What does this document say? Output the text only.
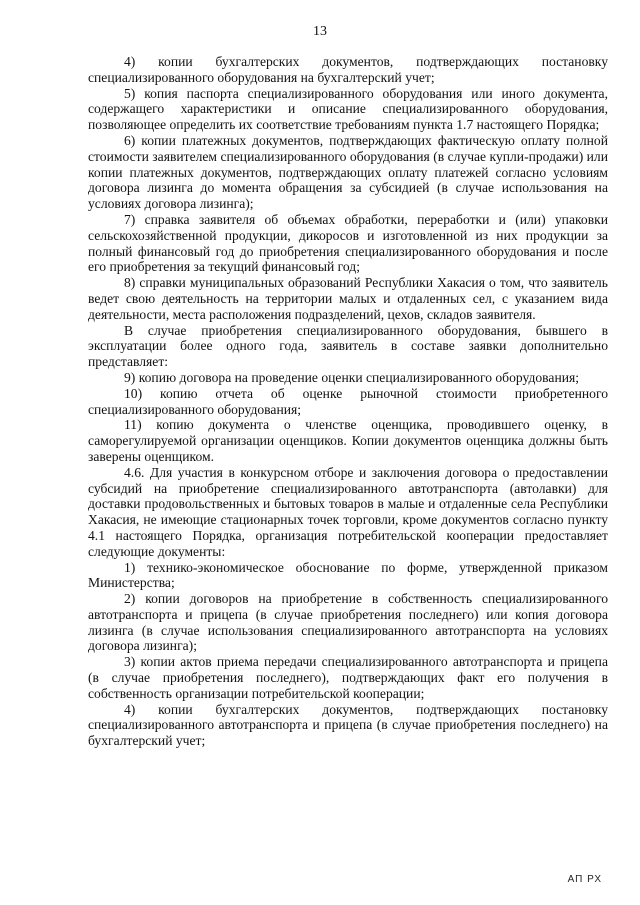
13

4) копии бухгалтерских документов, подтверждающих постановку специализированного оборудования на бухгалтерский учет;

5) копия паспорта специализированного оборудования или иного документа, содержащего характеристики и описание специализированного оборудования, позволяющее определить их соответствие требованиям пункта 1.7 настоящего Порядка;

6) копии платежных документов, подтверждающих фактическую оплату полной стоимости заявителем специализированного оборудования (в случае купли-продажи) или копии платежных документов, подтверждающих оплату платежей согласно условиям договора лизинга до момента обращения за субсидией (в случае использования на условиях договора лизинга);

7) справка заявителя об объемах обработки, переработки и (или) упаковки сельскохозяйственной продукции, дикоросов и изготовленной из них продукции за полный финансовый год до приобретения специализированного оборудования и после его приобретения за текущий финансовый год;

8) справки муниципальных образований Республики Хакасия о том, что заявитель ведет свою деятельность на территории малых и отдаленных сел, с указанием вида деятельности, места расположения подразделений, цехов, складов заявителя.

В случае приобретения специализированного оборудования, бывшего в эксплуатации более одного года, заявитель в составе заявки дополнительно представляет:

9) копию договора на проведение оценки специализированного оборудования;

10) копию отчета об оценке рыночной стоимости приобретенного специализированного оборудования;

11) копию документа о членстве оценщика, проводившего оценку, в саморегулируемой организации оценщиков. Копии документов оценщика должны быть заверены оценщиком.

4.6. Для участия в конкурсном отборе и заключения договора о предоставлении субсидий на приобретение специализированного автотранспорта (автолавки) для доставки продовольственных и бытовых товаров в малые и отдаленные села Республики Хакасия, не имеющие стационарных точек торговли, кроме документов согласно пункту 4.1 настоящего Порядка, организация потребительской кооперации предоставляет следующие документы:

1) технико-экономическое обоснование по форме, утвержденной приказом Министерства;

2) копии договоров на приобретение в собственность специализированного автотранспорта и прицепа (в случае приобретения последнего) или копия договора лизинга (в случае использования специализированного автотранспорта на условиях договора лизинга);

3) копии актов приема передачи специализированного автотранспорта и прицепа (в случае приобретения последнего), подтверждающих факт его получения в собственность организации потребительской кооперации;

4) копии бухгалтерских документов, подтверждающих постановку специализированного автотранспорта и прицепа (в случае приобретения последнего) на бухгалтерский учет;

АП РХ
